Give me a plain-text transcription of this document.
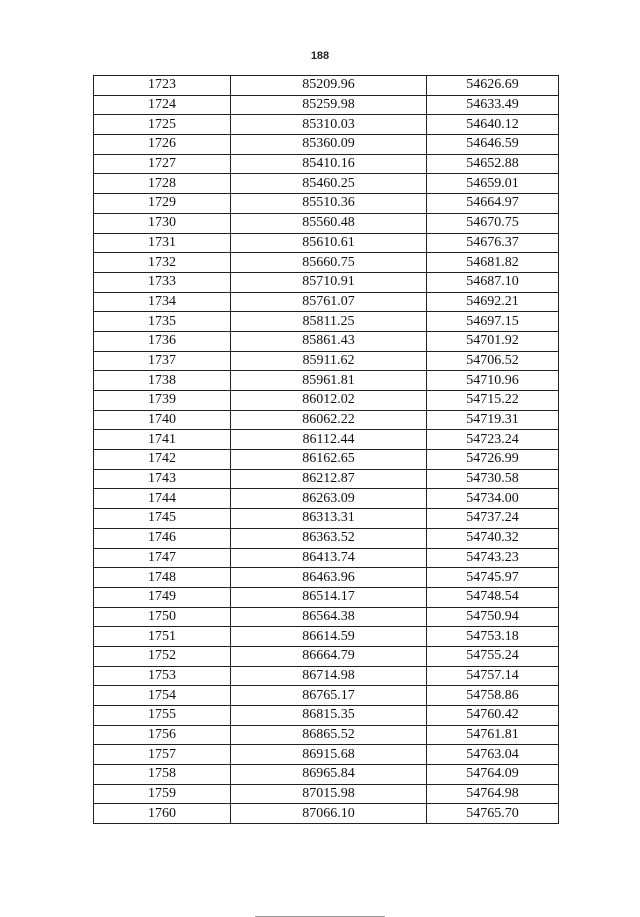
188
1723	85209.96	54626.69
1724	85259.98	54633.49
1725	85310.03	54640.12
1726	85360.09	54646.59
1727	85410.16	54652.88
1728	85460.25	54659.01
1729	85510.36	54664.97
1730	85560.48	54670.75
1731	85610.61	54676.37
1732	85660.75	54681.82
1733	85710.91	54687.10
1734	85761.07	54692.21
1735	85811.25	54697.15
1736	85861.43	54701.92
1737	85911.62	54706.52
1738	85961.81	54710.96
1739	86012.02	54715.22
1740	86062.22	54719.31
1741	86112.44	54723.24
1742	86162.65	54726.99
1743	86212.87	54730.58
1744	86263.09	54734.00
1745	86313.31	54737.24
1746	86363.52	54740.32
1747	86413.74	54743.23
1748	86463.96	54745.97
1749	86514.17	54748.54
1750	86564.38	54750.94
1751	86614.59	54753.18
1752	86664.79	54755.24
1753	86714.98	54757.14
1754	86765.17	54758.86
1755	86815.35	54760.42
1756	86865.52	54761.81
1757	86915.68	54763.04
1758	86965.84	54764.09
1759	87015.98	54764.98
1760	87066.10	54765.70
